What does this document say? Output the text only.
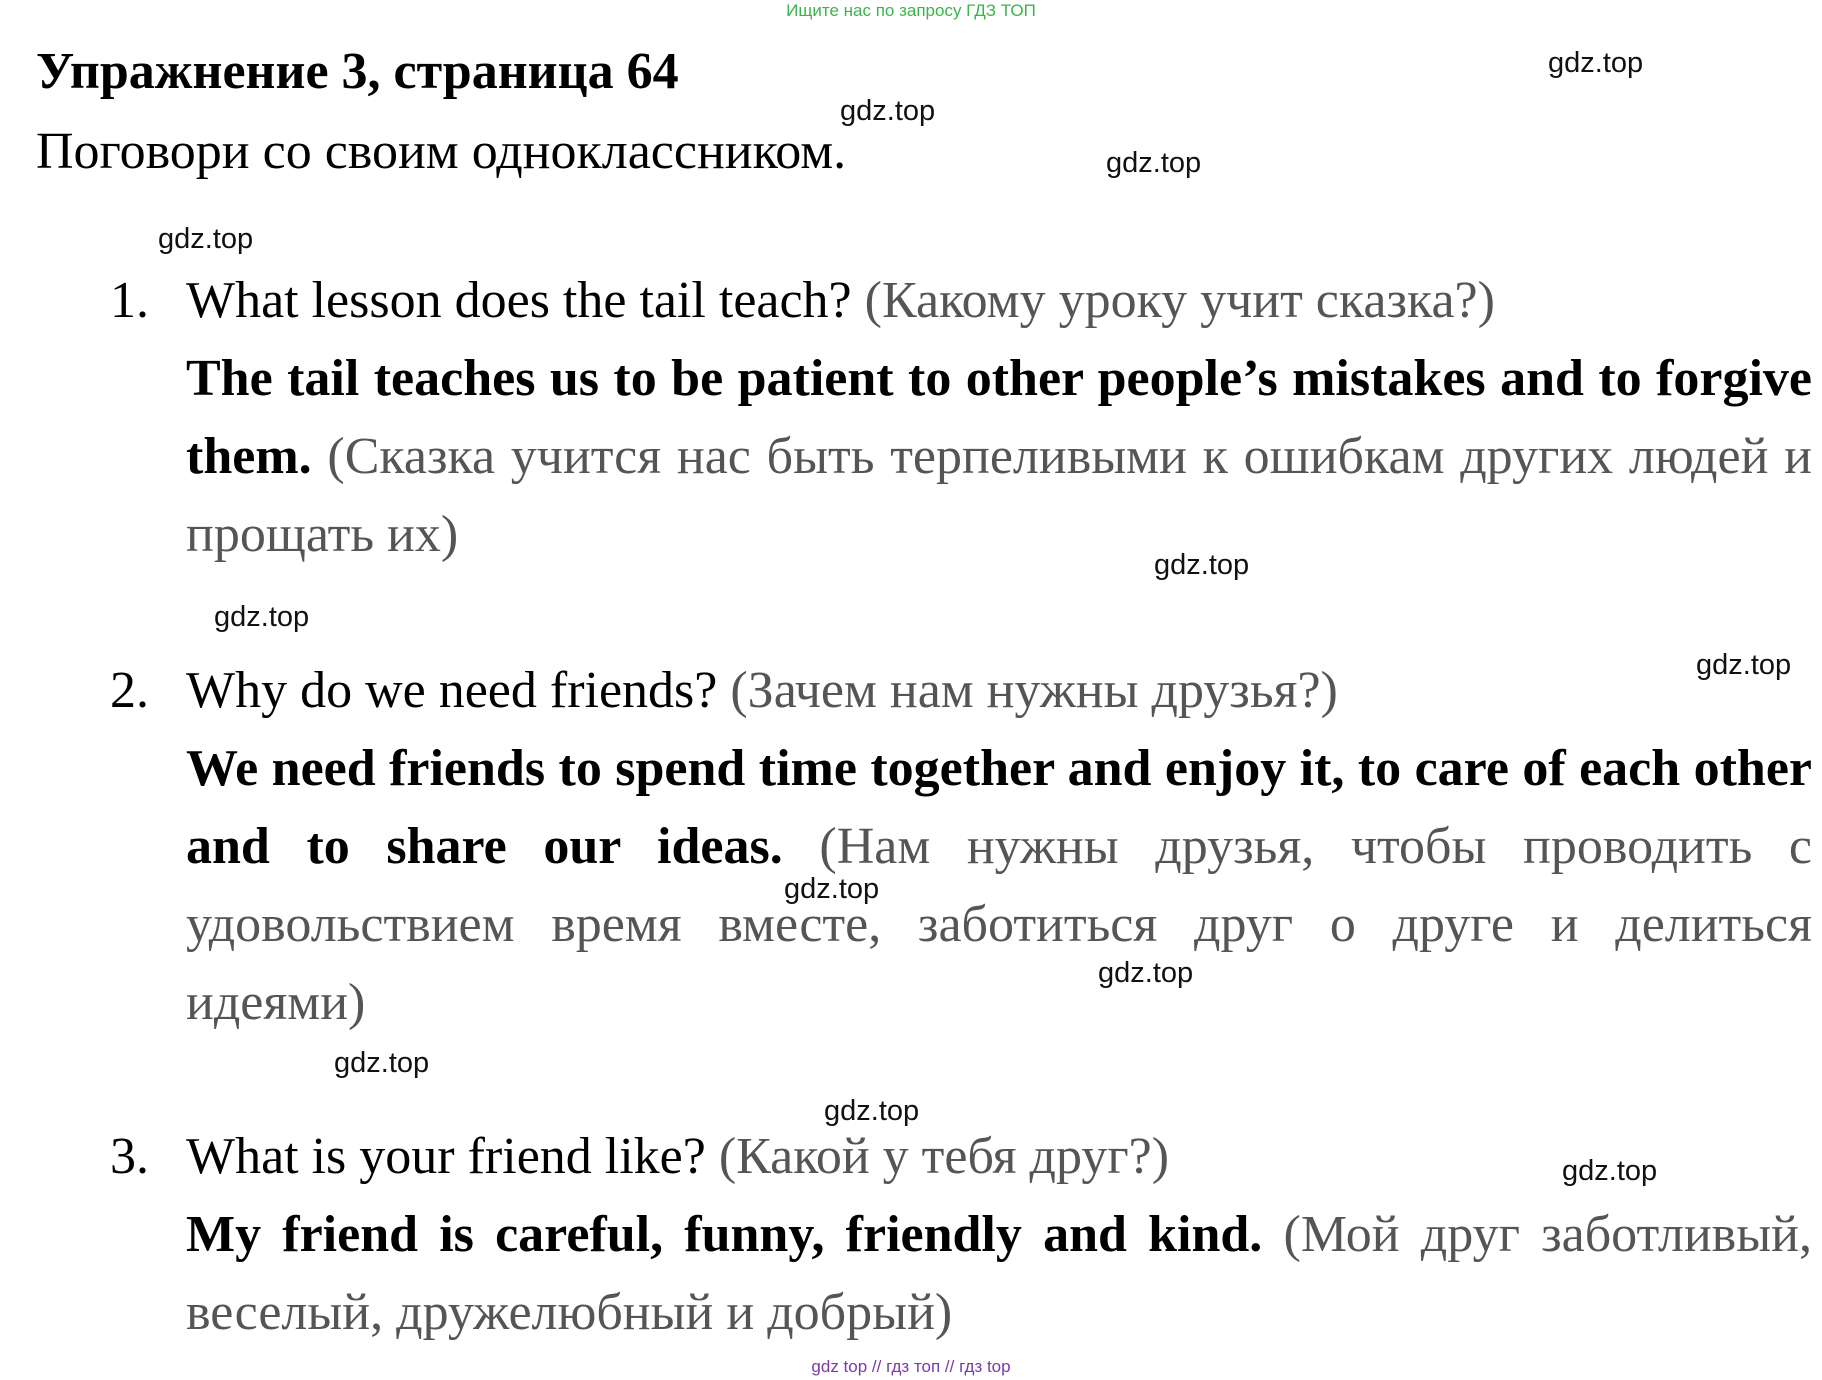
Ищите нас по запросу ГДЗ ТОП
Упражнение 3, страница 64

Поговори со своим одноклассником.

1. What lesson does the tail teach? (Какому уроку учит сказка?)
The tail teaches us to be patient to other people’s mistakes and to forgive them. (Сказка учится нас быть терпеливыми к ошибкам других людей и прощать их)
2. Why do we need friends? (Зачем нам нужны друзья?)
We need friends to spend time together and enjoy it, to care of each other and to share our ideas. (Нам нужны друзья, чтобы проводить с удовольствием время вместе, заботиться друг о друге и делиться идеями)
3. What is your friend like? (Какой у тебя друг?)
My friend is careful, funny, friendly and kind. (Мой друг заботливый, веселый, дружелюбный и добрый)
gdz.top
gdz.top
gdz.top
gdz.top
gdz.top
gdz.top
gdz.top
gdz.top
gdz.top
gdz.top
gdz.top
gdz.top
gdz top // гдз топ // гдз top
